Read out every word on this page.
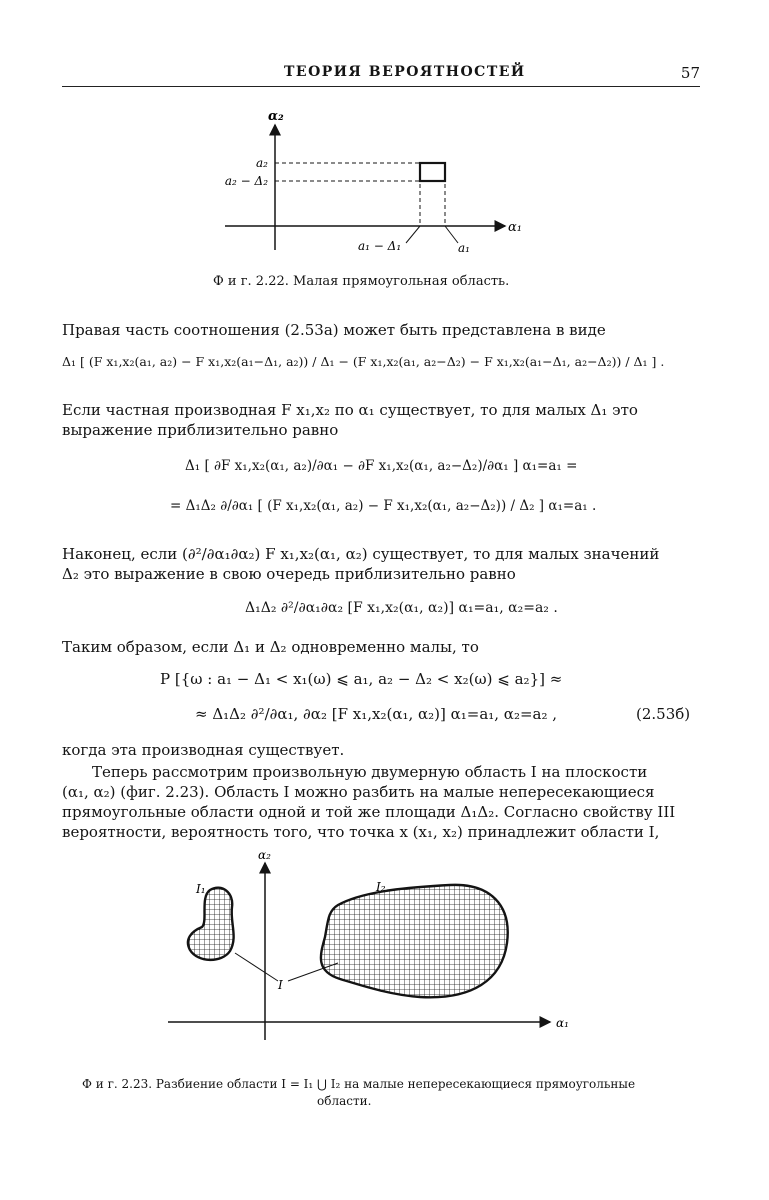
ТЕОРИЯ ВЕРОЯТНОСТЕЙ	57
α₂
α₁
a₂
a₂ − Δ₂
a₁ − Δ₁	a₁
Ф и г. 2.22. Малая прямоугольная область.
Правая часть соотношения (2.53а) может быть представлена в виде
Δ₁ [ (F x₁,x₂(a₁, a₂) − F x₁,x₂(a₁−Δ₁, a₂)) / Δ₁ − (F x₁,x₂(a₁, a₂−Δ₂) − F x₁,x₂(a₁−Δ₁, a₂−Δ₂)) / Δ₁ ] .
Если частная производная F x₁,x₂ по α₁ существует, то для малых Δ₁ это
выражение приблизительно равно
Δ₁ [ ∂F x₁,x₂(α₁, a₂)/∂α₁ − ∂F x₁,x₂(α₁, a₂−Δ₂)/∂α₁ ] α₁=a₁ =
= Δ₁Δ₂ ∂/∂α₁ [ (F x₁,x₂(α₁, a₂) − F x₁,x₂(α₁, a₂−Δ₂)) / Δ₂ ] α₁=a₁ .
Наконец, если (∂²/∂α₁∂α₂) F x₁,x₂(α₁, α₂) существует, то для малых значений
Δ₂ это выражение в свою очередь приблизительно равно
Δ₁Δ₂ ∂²/∂α₁∂α₂ [F x₁,x₂(α₁, α₂)] α₁=a₁, α₂=a₂ .
Таким образом, если Δ₁ и Δ₂ одновременно малы, то
P [{ω : a₁ − Δ₁ < x₁(ω) ⩽ a₁, a₂ − Δ₂ < x₂(ω) ⩽ a₂}] ≈
≈ Δ₁Δ₂ ∂²/∂α₁, ∂α₂ [F x₁,x₂(α₁, α₂)] α₁=a₁, α₂=a₂ ,	(2.53б)
когда эта производная существует.
Теперь рассмотрим произвольную двумерную область I на плоскости
(α₁, α₂) (фиг. 2.23). Область I можно разбить на малые непересекающиеся
прямоугольные области одной и той же площади Δ₁Δ₂. Согласно свойству III
вероятности, вероятность того, что точка x (x₁, x₂) принадлежит области I,
α₂
α₁
I₁	I₂
I
Ф и г. 2.23. Разбиение области I = I₁ ⋃ I₂ на малые непересекающиеся прямоугольные
области.
